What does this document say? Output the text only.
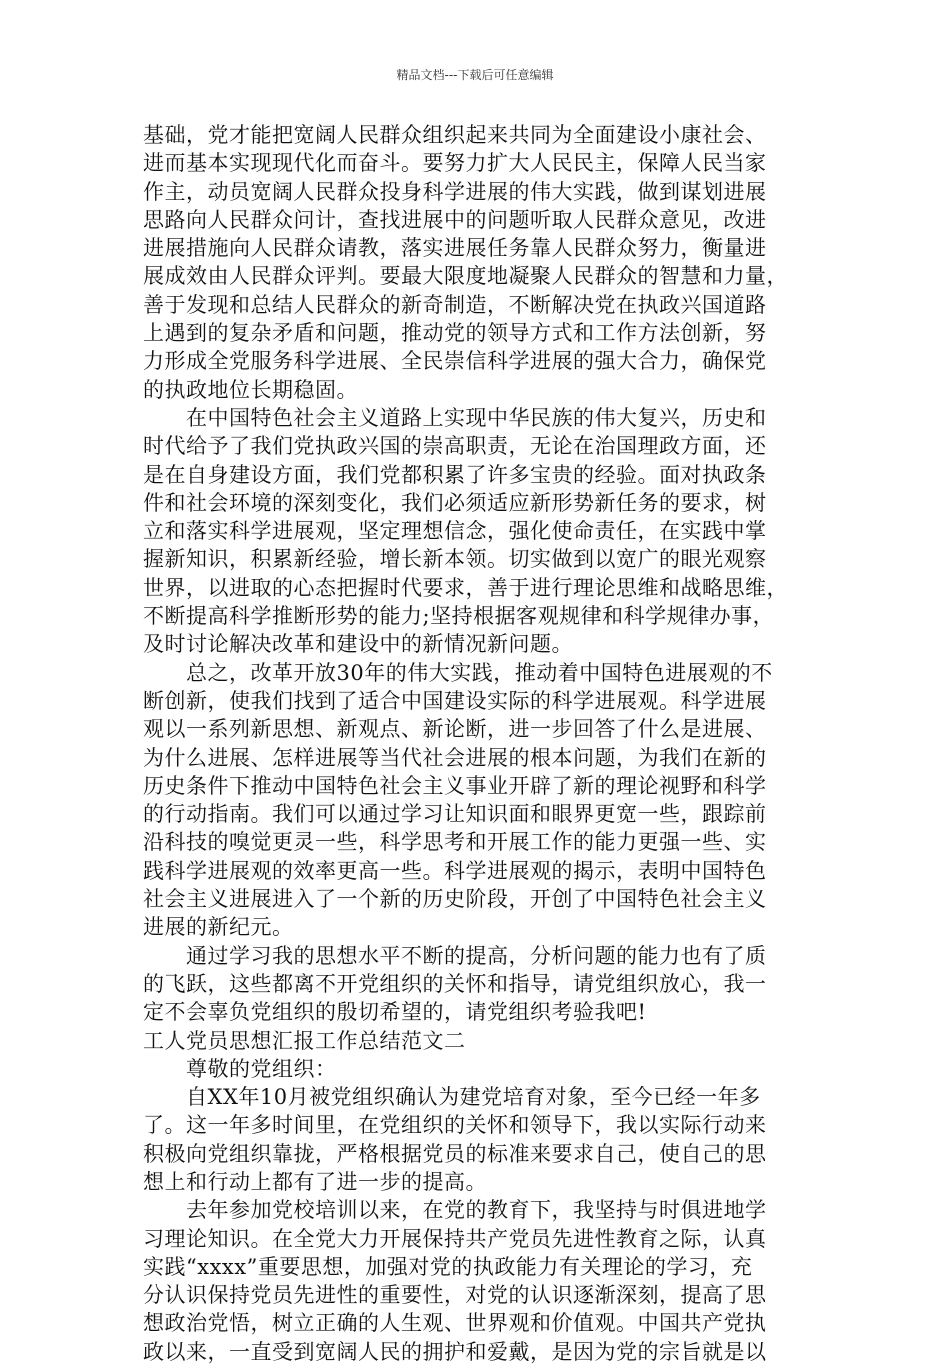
精品文档---下载后可任意编辑
基础，党才能把宽阔人民群众组织起来共同为全面建设小康社会、
进而基本实现现代化而奋斗。要努力扩大人民民主，保障人民当家
作主，动员宽阔人民群众投身科学进展的伟大实践，做到谋划进展
思路向人民群众问计，查找进展中的问题听取人民群众意见，改进
进展措施向人民群众请教，落实进展任务靠人民群众努力，衡量进
展成效由人民群众评判。要最大限度地凝聚人民群众的智慧和力量，
善于发现和总结人民群众的新奇制造，不断解决党在执政兴国道路
上遇到的复杂矛盾和问题，推动党的领导方式和工作方法创新，努
力形成全党服务科学进展、全民崇信科学进展的强大合力，确保党
的执政地位长期稳固。
在中国特色社会主义道路上实现中华民族的伟大复兴，历史和
时代给予了我们党执政兴国的崇高职责，无论在治国理政方面，还
是在自身建设方面，我们党都积累了许多宝贵的经验。面对执政条
件和社会环境的深刻变化，我们必须适应新形势新任务的要求，树
立和落实科学进展观，坚定理想信念，强化使命责任，在实践中掌
握新知识，积累新经验，增长新本领。切实做到以宽广的眼光观察
世界，以进取的心态把握时代要求，善于进行理论思维和战略思维，
不断提高科学推断形势的能力;坚持根据客观规律和科学规律办事，
及时讨论解决改革和建设中的新情况新问题。
总之，改革开放30年的伟大实践，推动着中国特色进展观的不
断创新，使我们找到了适合中国建设实际的科学进展观。科学进展
观以一系列新思想、新观点、新论断，进一步回答了什么是进展、
为什么进展、怎样进展等当代社会进展的根本问题，为我们在新的
历史条件下推动中国特色社会主义事业开辟了新的理论视野和科学
的行动指南。我们可以通过学习让知识面和眼界更宽一些，跟踪前
沿科技的嗅觉更灵一些，科学思考和开展工作的能力更强一些、实
践科学进展观的效率更高一些。科学进展观的揭示，表明中国特色
社会主义进展进入了一个新的历史阶段，开创了中国特色社会主义
进展的新纪元。
通过学习我的思想水平不断的提高，分析问题的能力也有了质
的飞跃，这些都离不开党组织的关怀和指导，请党组织放心，我一
定不会辜负党组织的殷切希望的，请党组织考验我吧!
工人党员思想汇报工作总结范文二
尊敬的党组织：
自XX年10月被党组织确认为建党培育对象，至今已经一年多
了。这一年多时间里，在党组织的关怀和领导下，我以实际行动来
积极向党组织靠拢，严格根据党员的标准来要求自己，使自己的思
想上和行动上都有了进一步的提高。
去年参加党校培训以来，在党的教育下，我坚持与时俱进地学
习理论知识。在全党大力开展保持共产党员先进性教育之际，认真
实践“xxxx”重要思想，加强对党的执政能力有关理论的学习，充
分认识保持党员先进性的重要性，对党的认识逐渐深刻，提高了思
想政治党悟，树立正确的人生观、世界观和价值观。中国共产党执
政以来，一直受到宽阔人民的拥护和爱戴，是因为党的宗旨就是以
